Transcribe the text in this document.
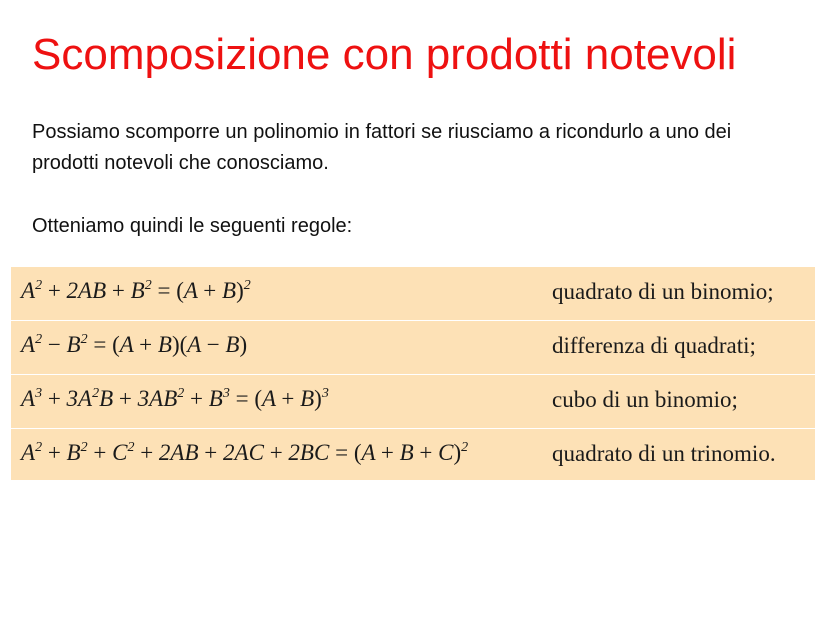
Scomposizione con prodotti notevoli

Possiamo scomporre un polinomio in fattori se riusciamo a ricondurlo a uno dei prodotti notevoli che conosciamo.

Otteniamo quindi le seguenti regole:
$A^2 + 2AB + B^2 = (A + B)^2$	quadrato di un binomio;
$A^2 - B^2 = (A + B)(A - B)$	differenza di quadrati;
$A^3 + 3A^2B + 3AB^2 + B^3 = (A + B)^3$	cubo di un binomio;
$A^2 + B^2 + C^2 + 2AB + 2AC + 2BC = (A + B + C)^2$	quadrato di un trinomio.
